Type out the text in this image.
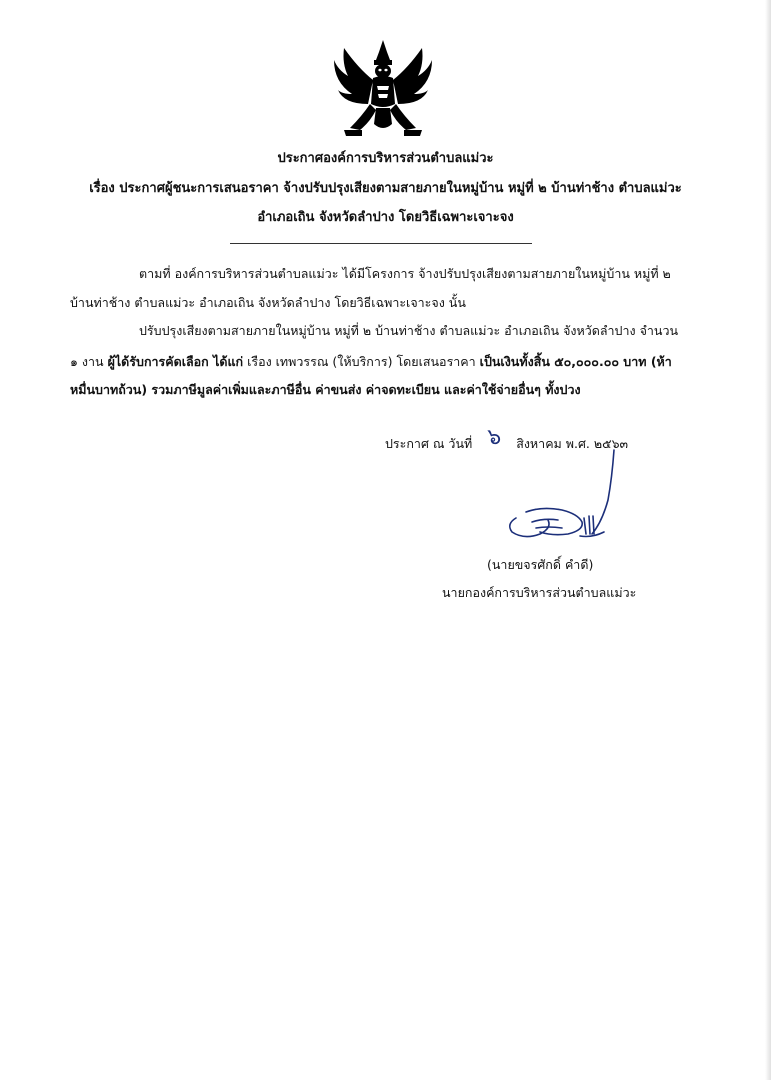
ประกาศองค์การบริหารส่วนตำบลแม่วะ
เรื่อง ประกาศผู้ชนะการเสนอราคา จ้างปรับปรุงเสียงตามสายภายในหมู่บ้าน หมู่ที่ ๒ บ้านท่าช้าง ตำบลแม่วะ
อำเภอเถิน จังหวัดลำปาง โดยวิธีเฉพาะเจาะจง
ตามที่ องค์การบริหารส่วนตำบลแม่วะ ได้มีโครงการ จ้างปรับปรุงเสียงตามสายภายในหมู่บ้าน หมู่ที่ ๒
บ้านท่าช้าง ตำบลแม่วะ อำเภอเถิน จังหวัดลำปาง โดยวิธีเฉพาะเจาะจง นั้น
ปรับปรุงเสียงตามสายภายในหมู่บ้าน หมู่ที่ ๒ บ้านท่าช้าง ตำบลแม่วะ อำเภอเถิน จังหวัดลำปาง จำนวน
๑ งาน ผู้ได้รับการคัดเลือก ได้แก่ เรือง เทพวรรณ (ให้บริการ) โดยเสนอราคา เป็นเงินทั้งสิ้น ๕๐,๐๐๐.๐๐ บาท (ห้า
หมื่นบาทถ้วน) รวมภาษีมูลค่าเพิ่มและภาษีอื่น ค่าขนส่ง ค่าจดทะเบียน และค่าใช้จ่ายอื่นๆ ทั้งปวง
ประกาศ ณ วันที่ ๖ สิงหาคม พ.ศ. ๒๕๖๓
(นายขจรศักดิ์ คำดี)
นายกองค์การบริหารส่วนตำบลแม่วะ
